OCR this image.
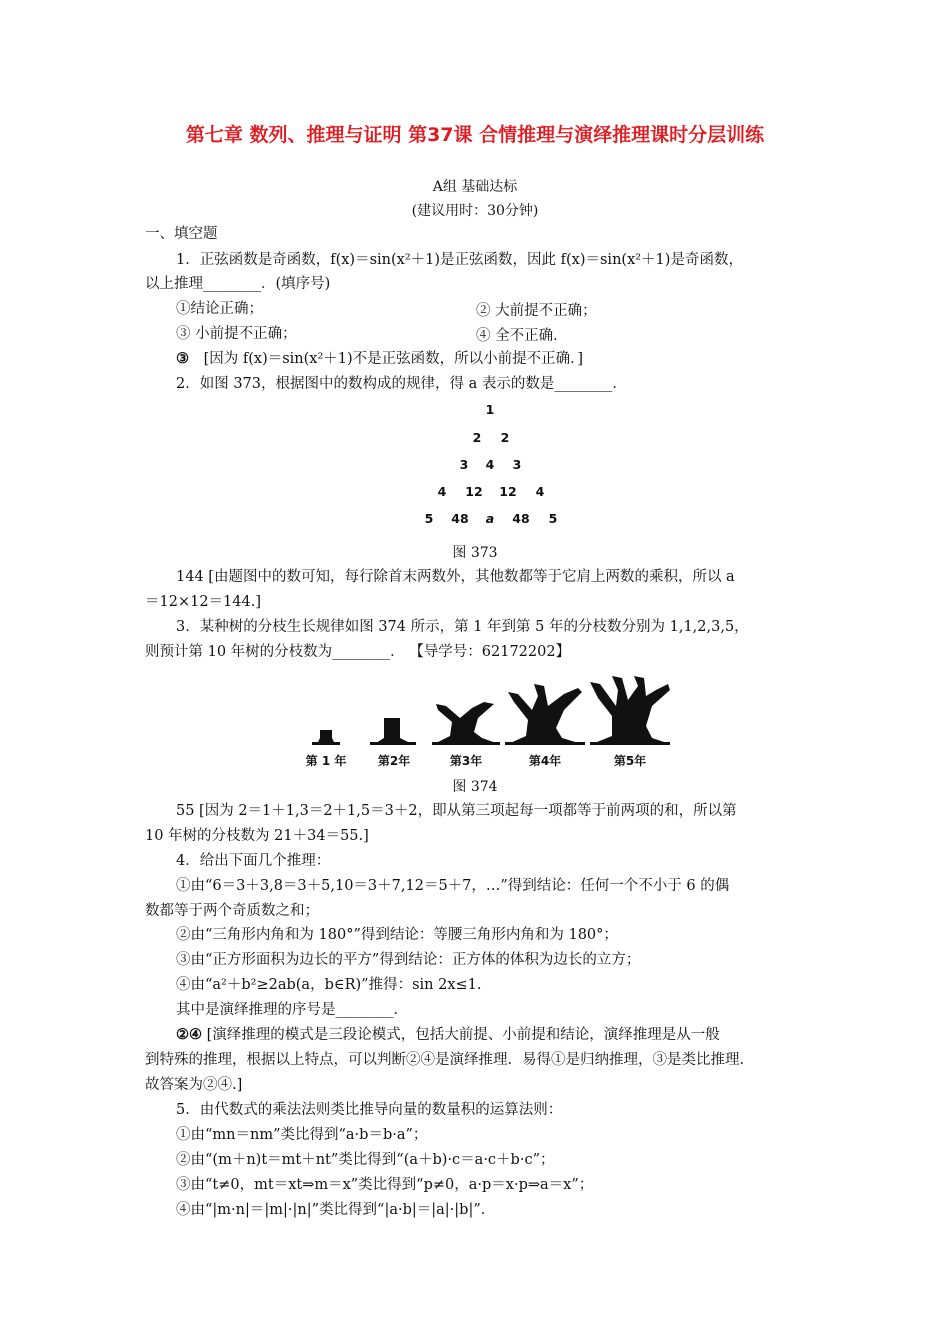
第七章 数列、推理与证明 第37课 合情推理与演绎推理课时分层训练
A组 基础达标
(建议用时：30分钟)
一、填空题
1．正弦函数是奇函数，f(x)＝sin(x²＋1)是正弦函数，因此 f(x)＝sin(x²＋1)是奇函数，
以上推理________．(填序号)
①结论正确；	② 大前提不正确；
③ 小前提不正确；	④ 全不正确．
③ [因为 f(x)＝sin(x²＋1)不是正弦函数，所以小前提不正确．]
2．如图 373，根据图中的数构成的规律，得 a 表示的数是________．
1
2 2
3 4 3
4 12 12 4
5 48 a 48 5
图 373
144 [由题图中的数可知，每行除首末两数外，其他数都等于它肩上两数的乘积，所以 a
＝12×12＝144.]
3．某种树的分枝生长规律如图 374 所示，第 1 年到第 5 年的分枝数分别为 1,1,2,3,5，
则预计第 10 年树的分枝数为________． 【导学号：62172202】
第 1 年	第2年	第3年	第4年	第5年
图 374
55 [因为 2＝1＋1,3＝2＋1,5＝3＋2，即从第三项起每一项都等于前两项的和，所以第
10 年树的分枝数为 21＋34＝55.]
4．给出下面几个推理：
①由“6＝3＋3,8＝3＋5,10＝3＋7,12＝5＋7，…”得到结论：任何一个不小于 6 的偶
数都等于两个奇质数之和；
②由“三角形内角和为 180°”得到结论：等腰三角形内角和为 180°；
③由“正方形面积为边长的平方”得到结论：正方体的体积为边长的立方；
④由“a²＋b²≥2ab(a，b∈R)”推得：sin 2x≤1.
其中是演绎推理的序号是________．
②④ [演绎推理的模式是三段论模式，包括大前提、小前提和结论，演绎推理是从一般
到特殊的推理，根据以上特点，可以判断②④是演绎推理．易得①是归纳推理，③是类比推理．
故答案为②④.]
5．由代数式的乘法法则类比推导向量的数量积的运算法则：
①由“mn＝nm”类比得到“a·b＝b·a”；
②由“(m＋n)t＝mt＋nt”类比得到“(a＋b)·c＝a·c＋b·c”；
③由“t≠0，mt＝xt⇒m＝x”类比得到“p≠0，a·p＝x·p⇒a＝x”；
④由“|m·n|＝|m|·|n|”类比得到“|a·b|＝|a|·|b|”．
